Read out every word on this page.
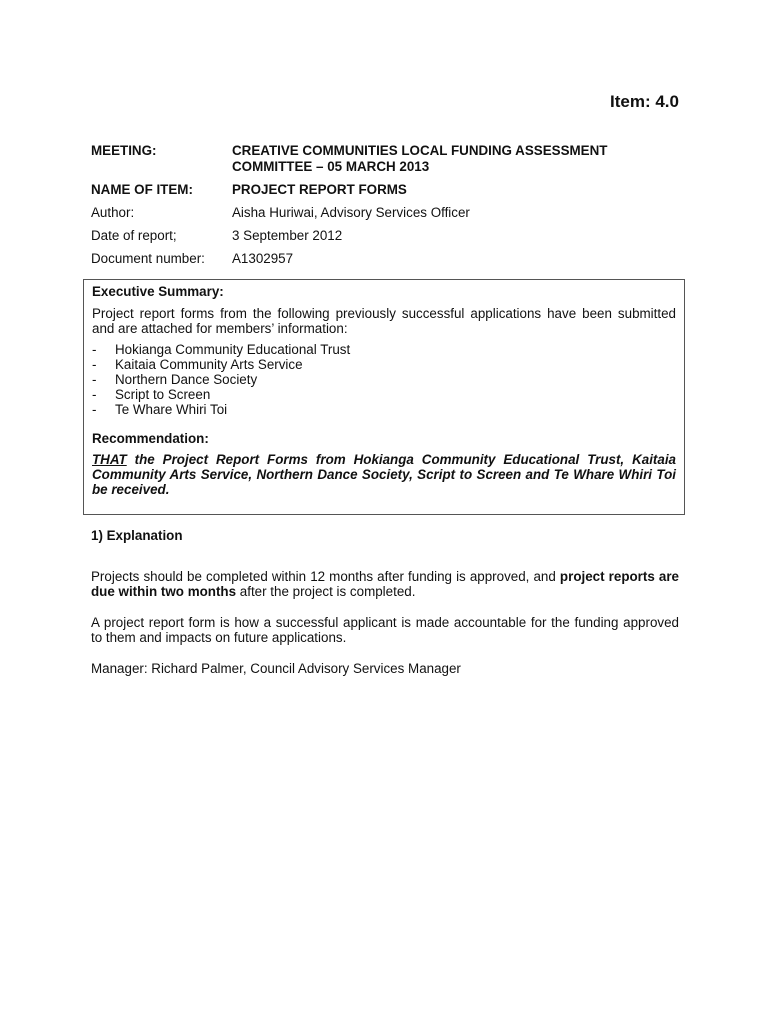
Item: 4.0
MEETING:	CREATIVE COMMUNITIES LOCAL FUNDING ASSESSMENT COMMITTEE – 05 MARCH 2013
NAME OF ITEM:	PROJECT REPORT FORMS
Author:	Aisha Huriwai, Advisory Services Officer
Date of report;	3 September 2012
Document number:	A1302957
Executive Summary:
Project report forms from the following previously successful applications have been submitted and are attached for members’ information:
-	Hokianga Community Educational Trust
-	Kaitaia Community Arts Service
-	Northern Dance Society
-	Script to Screen
-	Te Whare Whiri Toi
Recommendation:
THAT the Project Report Forms from Hokianga Community Educational Trust, Kaitaia Community Arts Service, Northern Dance Society, Script to Screen and Te Whare Whiri Toi be received.
1) Explanation
Projects should be completed within 12 months after funding is approved, and project reports are due within two months after the project is completed.
A project report form is how a successful applicant is made accountable for the funding approved to them and impacts on future applications.
Manager: Richard Palmer, Council Advisory Services Manager
